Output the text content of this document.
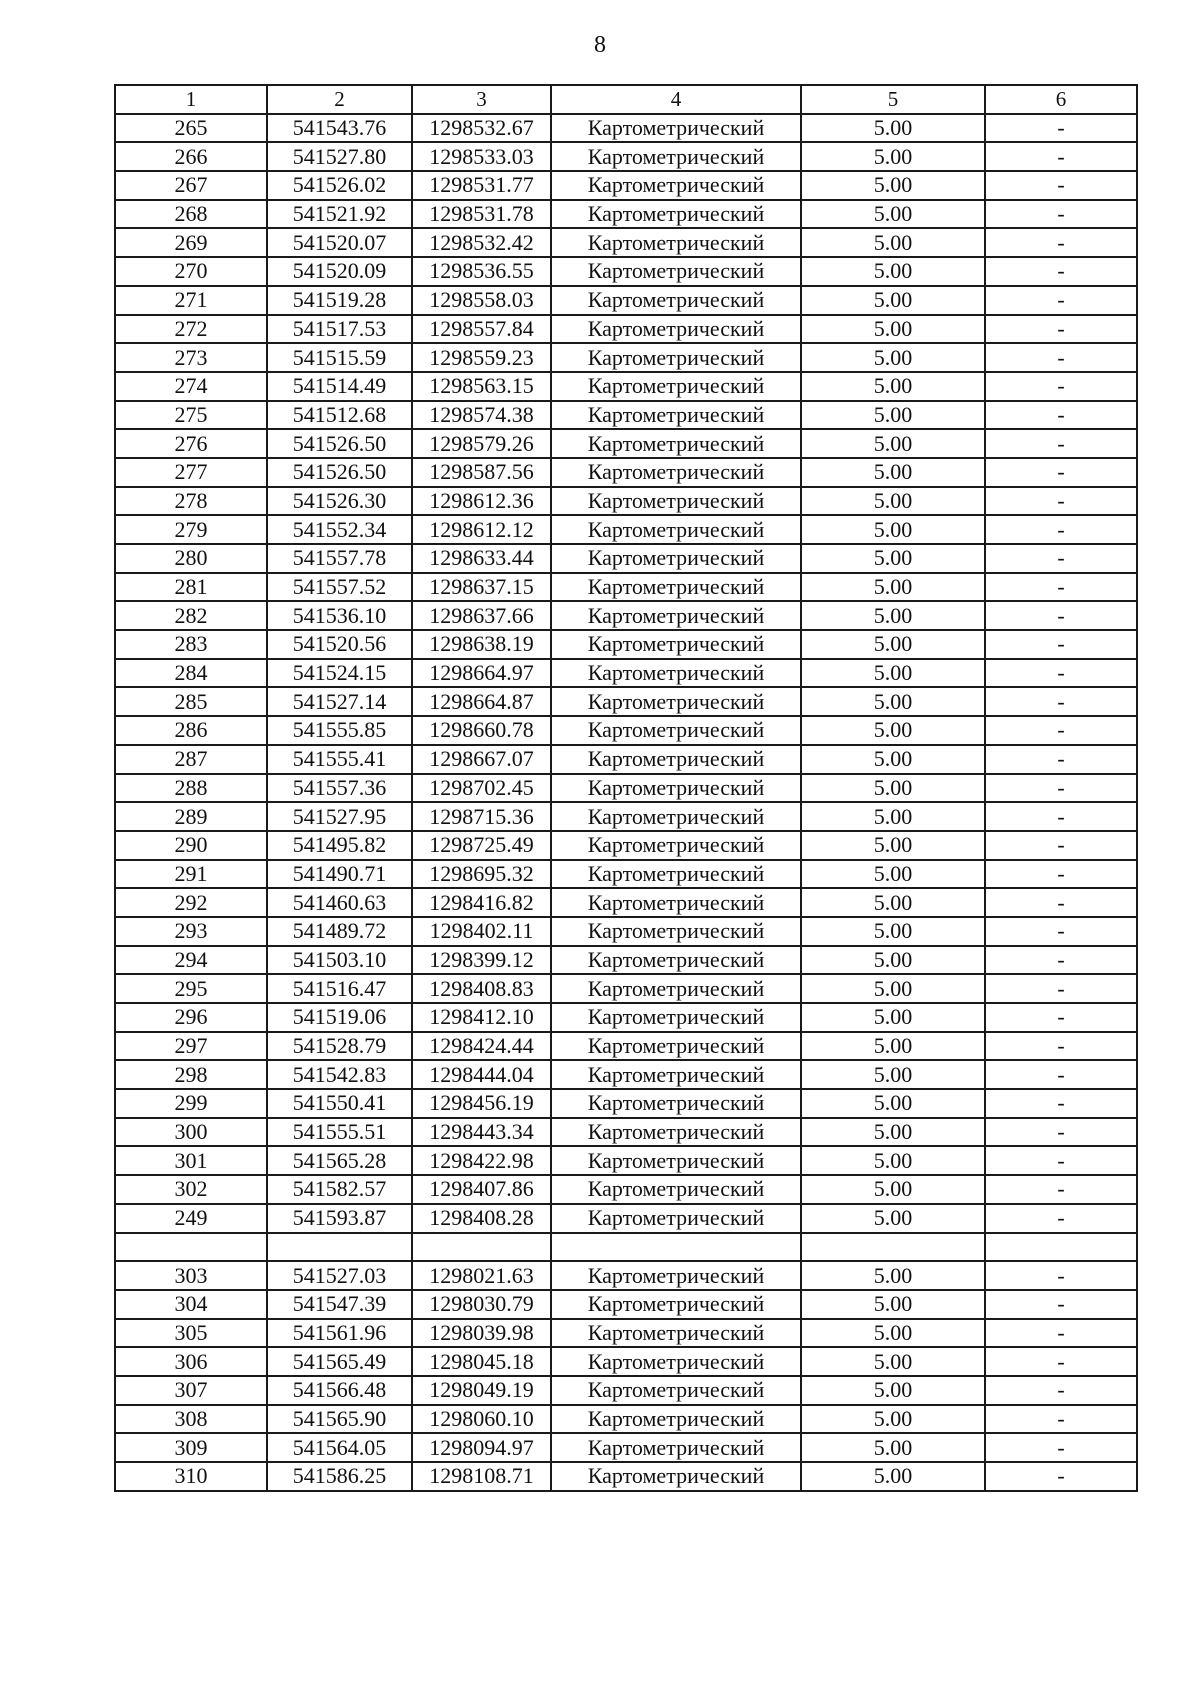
8
1	2	3	4	5	6
265	541543.76	1298532.67	Картометрический	5.00	-
266	541527.80	1298533.03	Картометрический	5.00	-
267	541526.02	1298531.77	Картометрический	5.00	-
268	541521.92	1298531.78	Картометрический	5.00	-
269	541520.07	1298532.42	Картометрический	5.00	-
270	541520.09	1298536.55	Картометрический	5.00	-
271	541519.28	1298558.03	Картометрический	5.00	-
272	541517.53	1298557.84	Картометрический	5.00	-
273	541515.59	1298559.23	Картометрический	5.00	-
274	541514.49	1298563.15	Картометрический	5.00	-
275	541512.68	1298574.38	Картометрический	5.00	-
276	541526.50	1298579.26	Картометрический	5.00	-
277	541526.50	1298587.56	Картометрический	5.00	-
278	541526.30	1298612.36	Картометрический	5.00	-
279	541552.34	1298612.12	Картометрический	5.00	-
280	541557.78	1298633.44	Картометрический	5.00	-
281	541557.52	1298637.15	Картометрический	5.00	-
282	541536.10	1298637.66	Картометрический	5.00	-
283	541520.56	1298638.19	Картометрический	5.00	-
284	541524.15	1298664.97	Картометрический	5.00	-
285	541527.14	1298664.87	Картометрический	5.00	-
286	541555.85	1298660.78	Картометрический	5.00	-
287	541555.41	1298667.07	Картометрический	5.00	-
288	541557.36	1298702.45	Картометрический	5.00	-
289	541527.95	1298715.36	Картометрический	5.00	-
290	541495.82	1298725.49	Картометрический	5.00	-
291	541490.71	1298695.32	Картометрический	5.00	-
292	541460.63	1298416.82	Картометрический	5.00	-
293	541489.72	1298402.11	Картометрический	5.00	-
294	541503.10	1298399.12	Картометрический	5.00	-
295	541516.47	1298408.83	Картометрический	5.00	-
296	541519.06	1298412.10	Картометрический	5.00	-
297	541528.79	1298424.44	Картометрический	5.00	-
298	541542.83	1298444.04	Картометрический	5.00	-
299	541550.41	1298456.19	Картометрический	5.00	-
300	541555.51	1298443.34	Картометрический	5.00	-
301	541565.28	1298422.98	Картометрический	5.00	-
302	541582.57	1298407.86	Картометрический	5.00	-
249	541593.87	1298408.28	Картометрический	5.00	-

303	541527.03	1298021.63	Картометрический	5.00	-
304	541547.39	1298030.79	Картометрический	5.00	-
305	541561.96	1298039.98	Картометрический	5.00	-
306	541565.49	1298045.18	Картометрический	5.00	-
307	541566.48	1298049.19	Картометрический	5.00	-
308	541565.90	1298060.10	Картометрический	5.00	-
309	541564.05	1298094.97	Картометрический	5.00	-
310	541586.25	1298108.71	Картометрический	5.00	-
